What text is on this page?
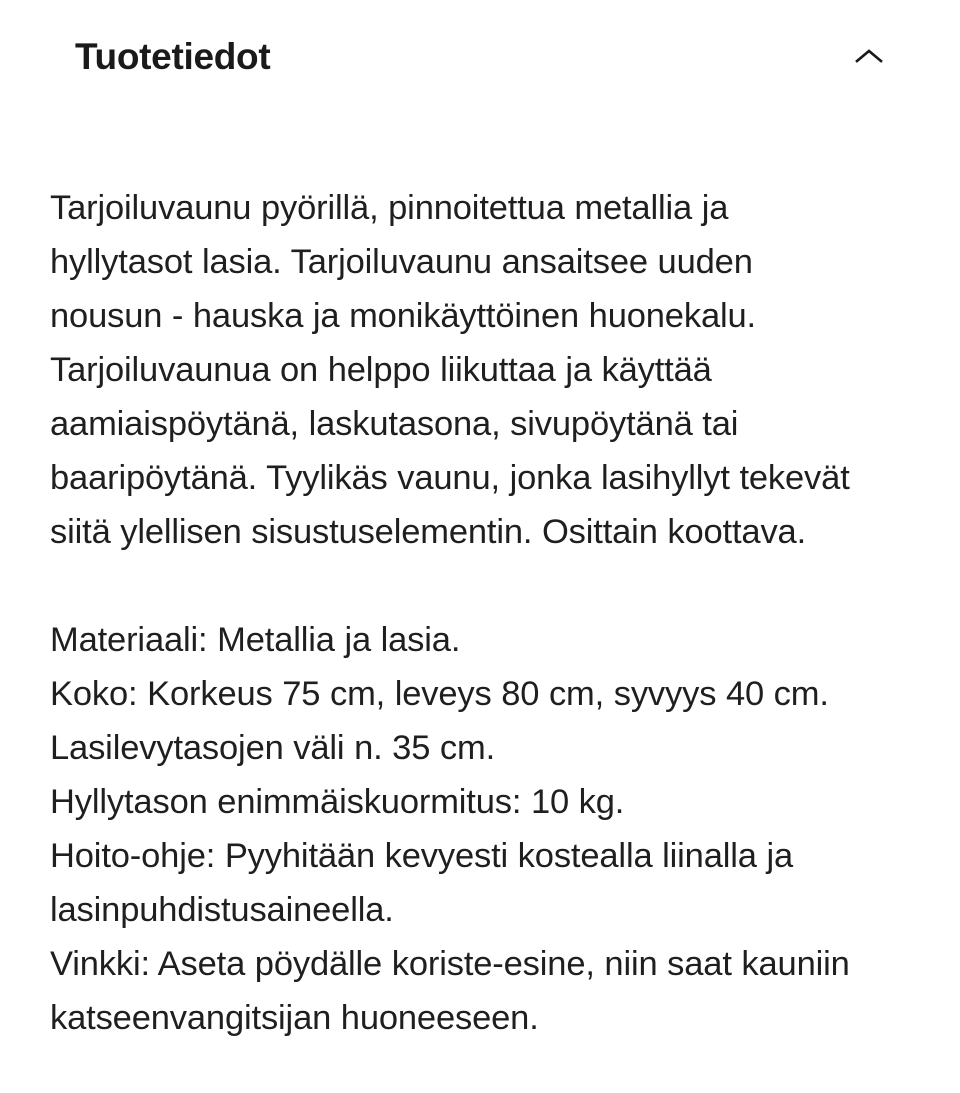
Tuotetiedot

Tarjoiluvaunu pyörillä, pinnoitettua metallia ja
hyllytasot lasia. Tarjoiluvaunu ansaitsee uuden
nousun - hauska ja monikäyttöinen huonekalu.
Tarjoiluvaunua on helppo liikuttaa ja käyttää
aamiaispöytänä, laskutasona, sivupöytänä tai
baaripöytänä. Tyylikäs vaunu, jonka lasihyllyt tekevät
siitä ylellisen sisustuselementin. Osittain koottava.

Materiaali: Metallia ja lasia.
Koko: Korkeus 75 cm, leveys 80 cm, syvyys 40 cm.
Lasilevytasojen väli n. 35 cm.
Hyllytason enimmäiskuormitus: 10 kg.
Hoito-ohje: Pyyhitään kevyesti kostealla liinalla ja
lasinpuhdistusaineella.
Vinkki: Aseta pöydälle koriste-esine, niin saat kauniin
katseenvangitsijan huoneeseen.
